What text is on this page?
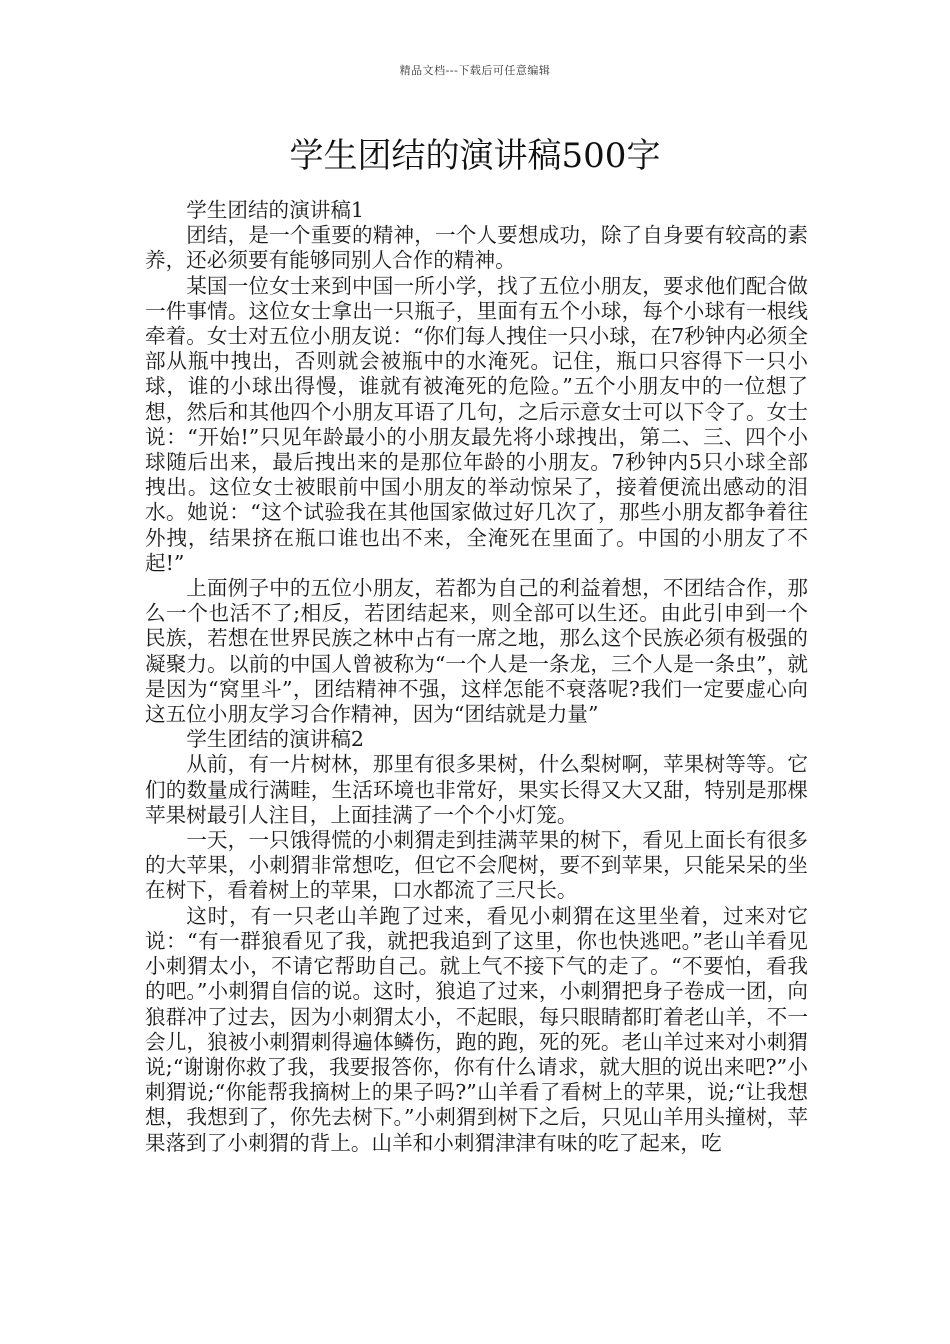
精品文档---下载后可任意编辑
学生团结的演讲稿500字

学生团结的演讲稿1

团结，是一个重要的精神，一个人要想成功，除了自身要有较高的素养，还必须要有能够同别人合作的精神。

某国一位女士来到中国一所小学，找了五位小朋友，要求他们配合做一件事情。这位女士拿出一只瓶子，里面有五个小球，每个小球有一根线牵着。女士对五位小朋友说：“你们每人拽住一只小球，在7秒钟内必须全部从瓶中拽出，否则就会被瓶中的水淹死。记住，瓶口只容得下一只小球，谁的小球出得慢，谁就有被淹死的危险。”五个小朋友中的一位想了想，然后和其他四个小朋友耳语了几句，之后示意女士可以下令了。女士说：“开始!”只见年龄最小的小朋友最先将小球拽出，第二、三、四个小球随后出来，最后拽出来的是那位年龄的小朋友。7秒钟内5只小球全部拽出。这位女士被眼前中国小朋友的举动惊呆了，接着便流出感动的泪水。她说：“这个试验我在其他国家做过好几次了，那些小朋友都争着往外拽，结果挤在瓶口谁也出不来，全淹死在里面了。中国的小朋友了不起!”

上面例子中的五位小朋友，若都为自己的利益着想，不团结合作，那么一个也活不了;相反，若团结起来，则全部可以生还。由此引申到一个民族，若想在世界民族之林中占有一席之地，那么这个民族必须有极强的凝聚力。以前的中国人曾被称为“一个人是一条龙，三个人是一条虫”，就是因为“窝里斗”，团结精神不强，这样怎能不衰落呢?我们一定要虚心向这五位小朋友学习合作精神，因为“团结就是力量”

学生团结的演讲稿2

从前，有一片树林，那里有很多果树，什么梨树啊，苹果树等等。它们的数量成行满畦，生活环境也非常好，果实长得又大又甜，特别是那棵苹果树最引人注目，上面挂满了一个个小灯笼。

一天，一只饿得慌的小刺猬走到挂满苹果的树下，看见上面长有很多的大苹果，小刺猬非常想吃，但它不会爬树，要不到苹果，只能呆呆的坐在树下，看着树上的苹果，口水都流了三尺长。

这时，有一只老山羊跑了过来，看见小刺猬在这里坐着，过来对它说：“有一群狼看见了我，就把我追到了这里，你也快逃吧。”老山羊看见小刺猬太小，不请它帮助自己。就上气不接下气的走了。“不要怕，看我的吧。”小刺猬自信的说。这时，狼追了过来，小刺猬把身子卷成一团，向狼群冲了过去，因为小刺猬太小，不起眼，每只眼睛都盯着老山羊，不一会儿，狼被小刺猬刺得遍体鳞伤，跑的跑，死的死。老山羊过来对小刺猬说;“谢谢你救了我，我要报答你，你有什么请求，就大胆的说出来吧?”小刺猬说;“你能帮我摘树上的果子吗?”山羊看了看树上的苹果，说;“让我想想，我想到了，你先去树下。”小刺猬到树下之后，只见山羊用头撞树，苹果落到了小刺猬的背上。山羊和小刺猬津津有味的吃了起来，吃
